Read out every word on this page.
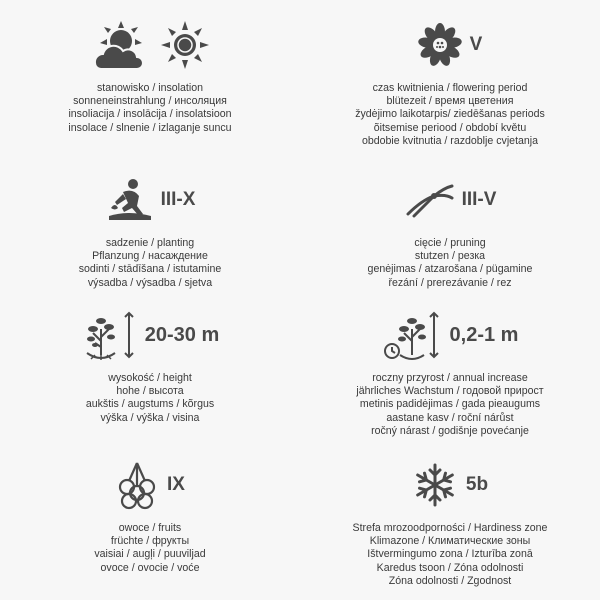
stanowisko / insolation
sonneneinstrahlung / инсоляция
insoliacija / insolācija / insolatsioon
insolace / slnenie / izlaganje suncu
V
czas kwitnienia / flowering period
blütezeit / время цветения
žydėjimo laikotarpis/ ziedēšanas periods
õitsemise periood / období květu
obdobie kvitnutia / razdoblje cvjetanja
III-X
sadzenie / planting
Pflanzung / насаждение
sodinti / stādīšana / istutamine
výsadba / výsadba / sjetva
III-V
cięcie / pruning
stutzen / резка
genėjimas / atzarošana / pügamine
řezání / prerezávanie / rez
20-30 m
wysokość / height
hohe / высота
aukštis / augstums / kõrgus
výška / výška / visina
0,2-1 m
roczny przyrost / annual increase
jährliches Wachstum / годовой прирост
metinis padidėjimas / gada pieaugums
aastane kasv / roční nárůst
ročný nárast / godišnje povećanje
IX
owoce / fruits
früchte / фрукты
vaisiai / augļi / puuviljad
ovoce / ovocie / voće
5b
Strefa mrozoodporności / Hardiness zone
Klimazone / Климатические зоны
Ištvermingumo zona / Izturība zonā
Karedus tsoon / Zóna odolnosti
Zóna odolnosti / Zgodnost
